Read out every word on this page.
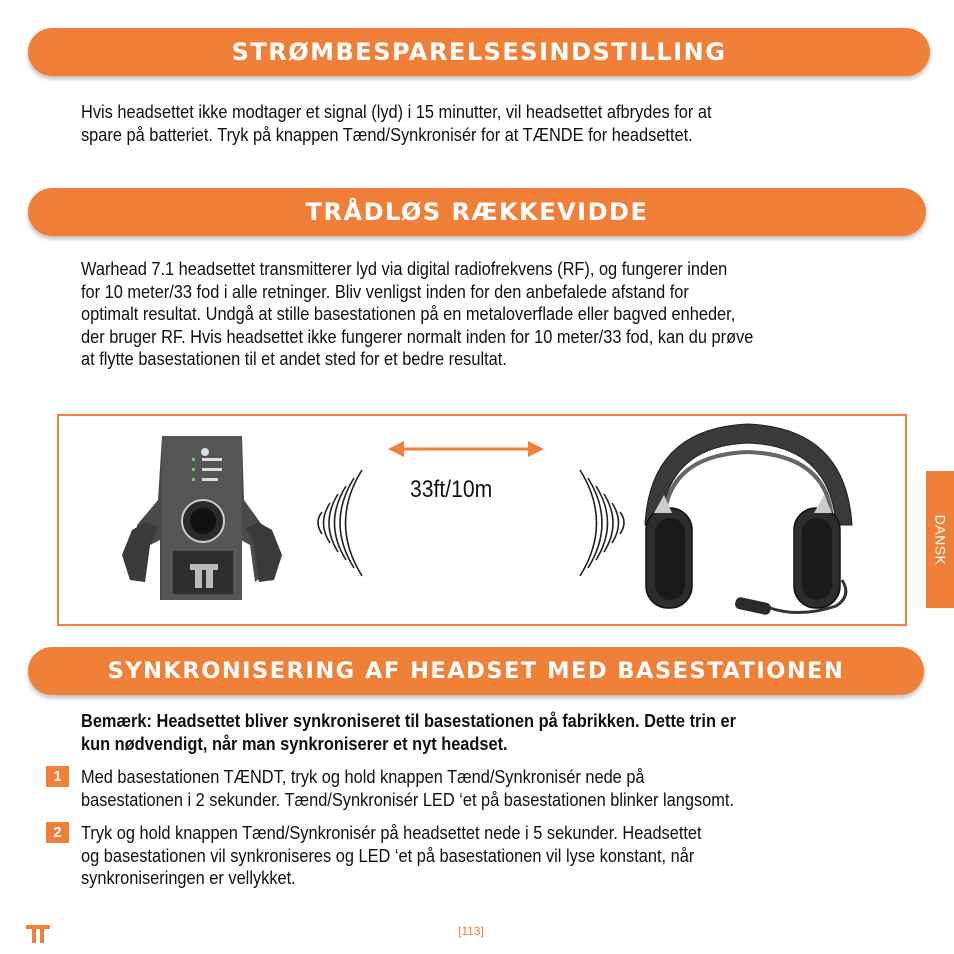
STRØMBESPARELSESINDSTILLING

Hvis headsettet ikke modtager et signal (lyd) i 15 minutter, vil headsettet afbrydes for at
spare på batteriet. Tryk på knappen Tænd/Synkronisér for at TÆNDE for headsettet.

TRÅDLØS RÆKKEVIDDE

Warhead 7.1 headsettet transmitterer lyd via digital radiofrekvens (RF), og fungerer inden
for 10 meter/33 fod i alle retninger. Bliv venligst inden for den anbefalede afstand for
optimalt resultat. Undgå at stille basestationen på en metaloverflade eller bagved enheder,
der bruger RF. Hvis headsettet ikke fungerer normalt inden for 10 meter/33 fod, kan du prøve
at flytte basestationen til et andet sted for et bedre resultat.

33ft/10m
SYNKRONISERING AF HEADSET MED BASESTATIONEN

Bemærk: Headsettet bliver synkroniseret til basestationen på fabrikken. Dette trin er
kun nødvendigt, når man synkroniserer et nyt headset.

1	Med basestationen TÆNDT, tryk og hold knappen Tænd/Synkronisér nede på
basestationen i 2 sekunder. Tænd/Synkronisér LED ‘et på basestationen blinker langsomt.

2	Tryk og hold knappen Tænd/Synkronisér på headsettet nede i 5 sekunder. Headsettet
og basestationen vil synkroniseres og LED ‘et på basestationen vil lyse konstant, når
synkroniseringen er vellykket.

DANSK
[113]
